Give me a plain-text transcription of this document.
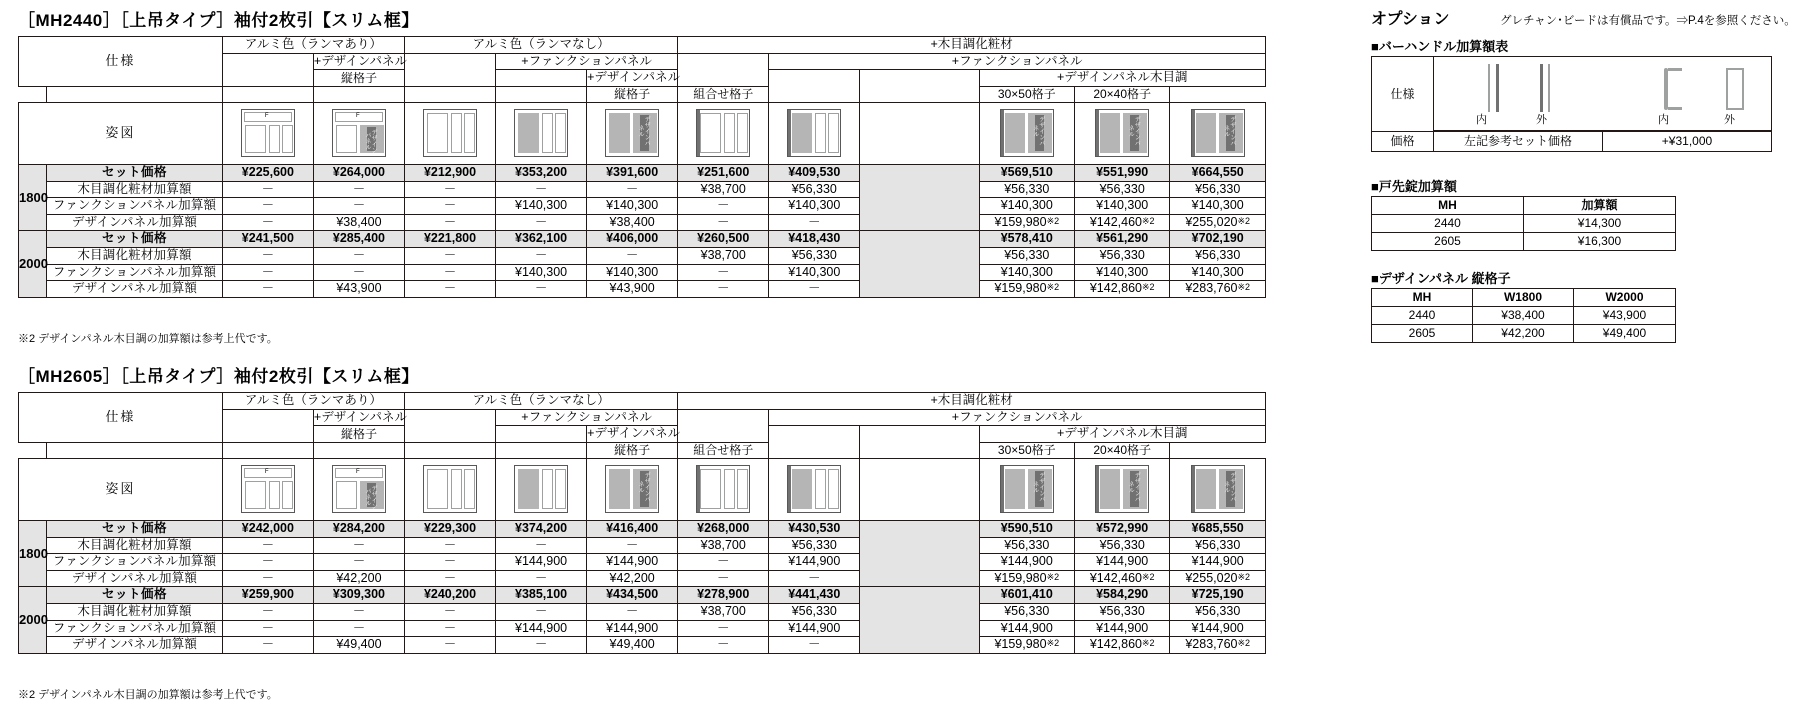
［MH2440］［上吊タイプ］袖付2枚引【スリム框】
仕様		アルミ色（ランマあり）		アルミ色（ランマなし）			+木目調化粧材					
			+デザインパネル		+ファンクションパネル			+ファンクションパネル				
			縦格子			+デザインパネル				+デザインパネル木目調		
						縦格子	組合せ格子			30×50格子	20×40格子	
姿図		F	デザインパネル
F			デザインパネル				デザインパネル	デザインパネル	デザインパネル

1800	セット価格	¥225,600	¥264,000	¥212,900	¥353,200	¥391,600	¥251,600	¥409,530		¥569,510	¥551,990	¥664,550
	木目調化粧材加算額	－	－	－	－	－	¥38,700	¥56,330		¥56,330	¥56,330	¥56,330
	ファンクションパネル加算額	－	－	－	¥140,300	¥140,300	－	¥140,300		¥140,300	¥140,300	¥140,300
	デザインパネル加算額	－	¥38,400	－	－	¥38,400	－	－		¥159,980$^{※2}$	¥142,460$^{※2}$	¥255,020$^{※2}$
2000	セット価格	¥241,500	¥285,400	¥221,800	¥362,100	¥406,000	¥260,500	¥418,430		¥578,410	¥561,290	¥702,190
	木目調化粧材加算額	－	－	－	－	－	¥38,700	¥56,330		¥56,330	¥56,330	¥56,330
	ファンクションパネル加算額	－	－	－	¥140,300	¥140,300	－	¥140,300		¥140,300	¥140,300	¥140,300
	デザインパネル加算額	－	¥43,900	－	－	¥43,900	－	－		¥159,980$^{※2}$	¥142,860$^{※2}$	¥283,760$^{※2}$
※2 デザインパネル木目調の加算額は参考上代です。
［MH2605］［上吊タイプ］袖付2枚引【スリム框】
仕様		アルミ色（ランマあり）		アルミ色（ランマなし）			+木目調化粧材					
			+デザインパネル		+ファンクションパネル			+ファンクションパネル				
			縦格子			+デザインパネル				+デザインパネル木目調		
						縦格子	組合せ格子			30×50格子	20×40格子	
姿図		F	デザインパネル
F			デザインパネル				デザインパネル	デザインパネル	デザインパネル

1800	セット価格	¥242,000	¥284,200	¥229,300	¥374,200	¥416,400	¥268,000	¥430,530		¥590,510	¥572,990	¥685,550
	木目調化粧材加算額	－	－	－	－	－	¥38,700	¥56,330		¥56,330	¥56,330	¥56,330
	ファンクションパネル加算額	－	－	－	¥144,900	¥144,900	－	¥144,900		¥144,900	¥144,900	¥144,900
	デザインパネル加算額	－	¥42,200	－	－	¥42,200	－	－		¥159,980$^{※2}$	¥142,460$^{※2}$	¥255,020$^{※2}$
2000	セット価格	¥259,900	¥309,300	¥240,200	¥385,100	¥434,500	¥278,900	¥441,430		¥601,410	¥584,290	¥725,190
	木目調化粧材加算額	－	－	－	－	－	¥38,700	¥56,330		¥56,330	¥56,330	¥56,330
	ファンクションパネル加算額	－	－	－	¥144,900	¥144,900	－	¥144,900		¥144,900	¥144,900	¥144,900
	デザインパネル加算額	－	¥49,400	－	－	¥49,400	－	－		¥159,980$^{※2}$	¥142,860$^{※2}$	¥283,760$^{※2}$
※2 デザインパネル木目調の加算額は参考上代です。
オプション	グレチャン･ビードは有償品です。⇒P.4を参照ください。
■バーハンドル加算額表
仕様	内 外 内 外	

価格	左記参考セット価格	+¥31,000
■戸先錠加算額
MH	加算額
2440	¥14,300
2605	¥16,300
■デザインパネル 縦格子
MH	W1800	W2000
2440	¥38,400	¥43,900
2605	¥42,200	¥49,400
